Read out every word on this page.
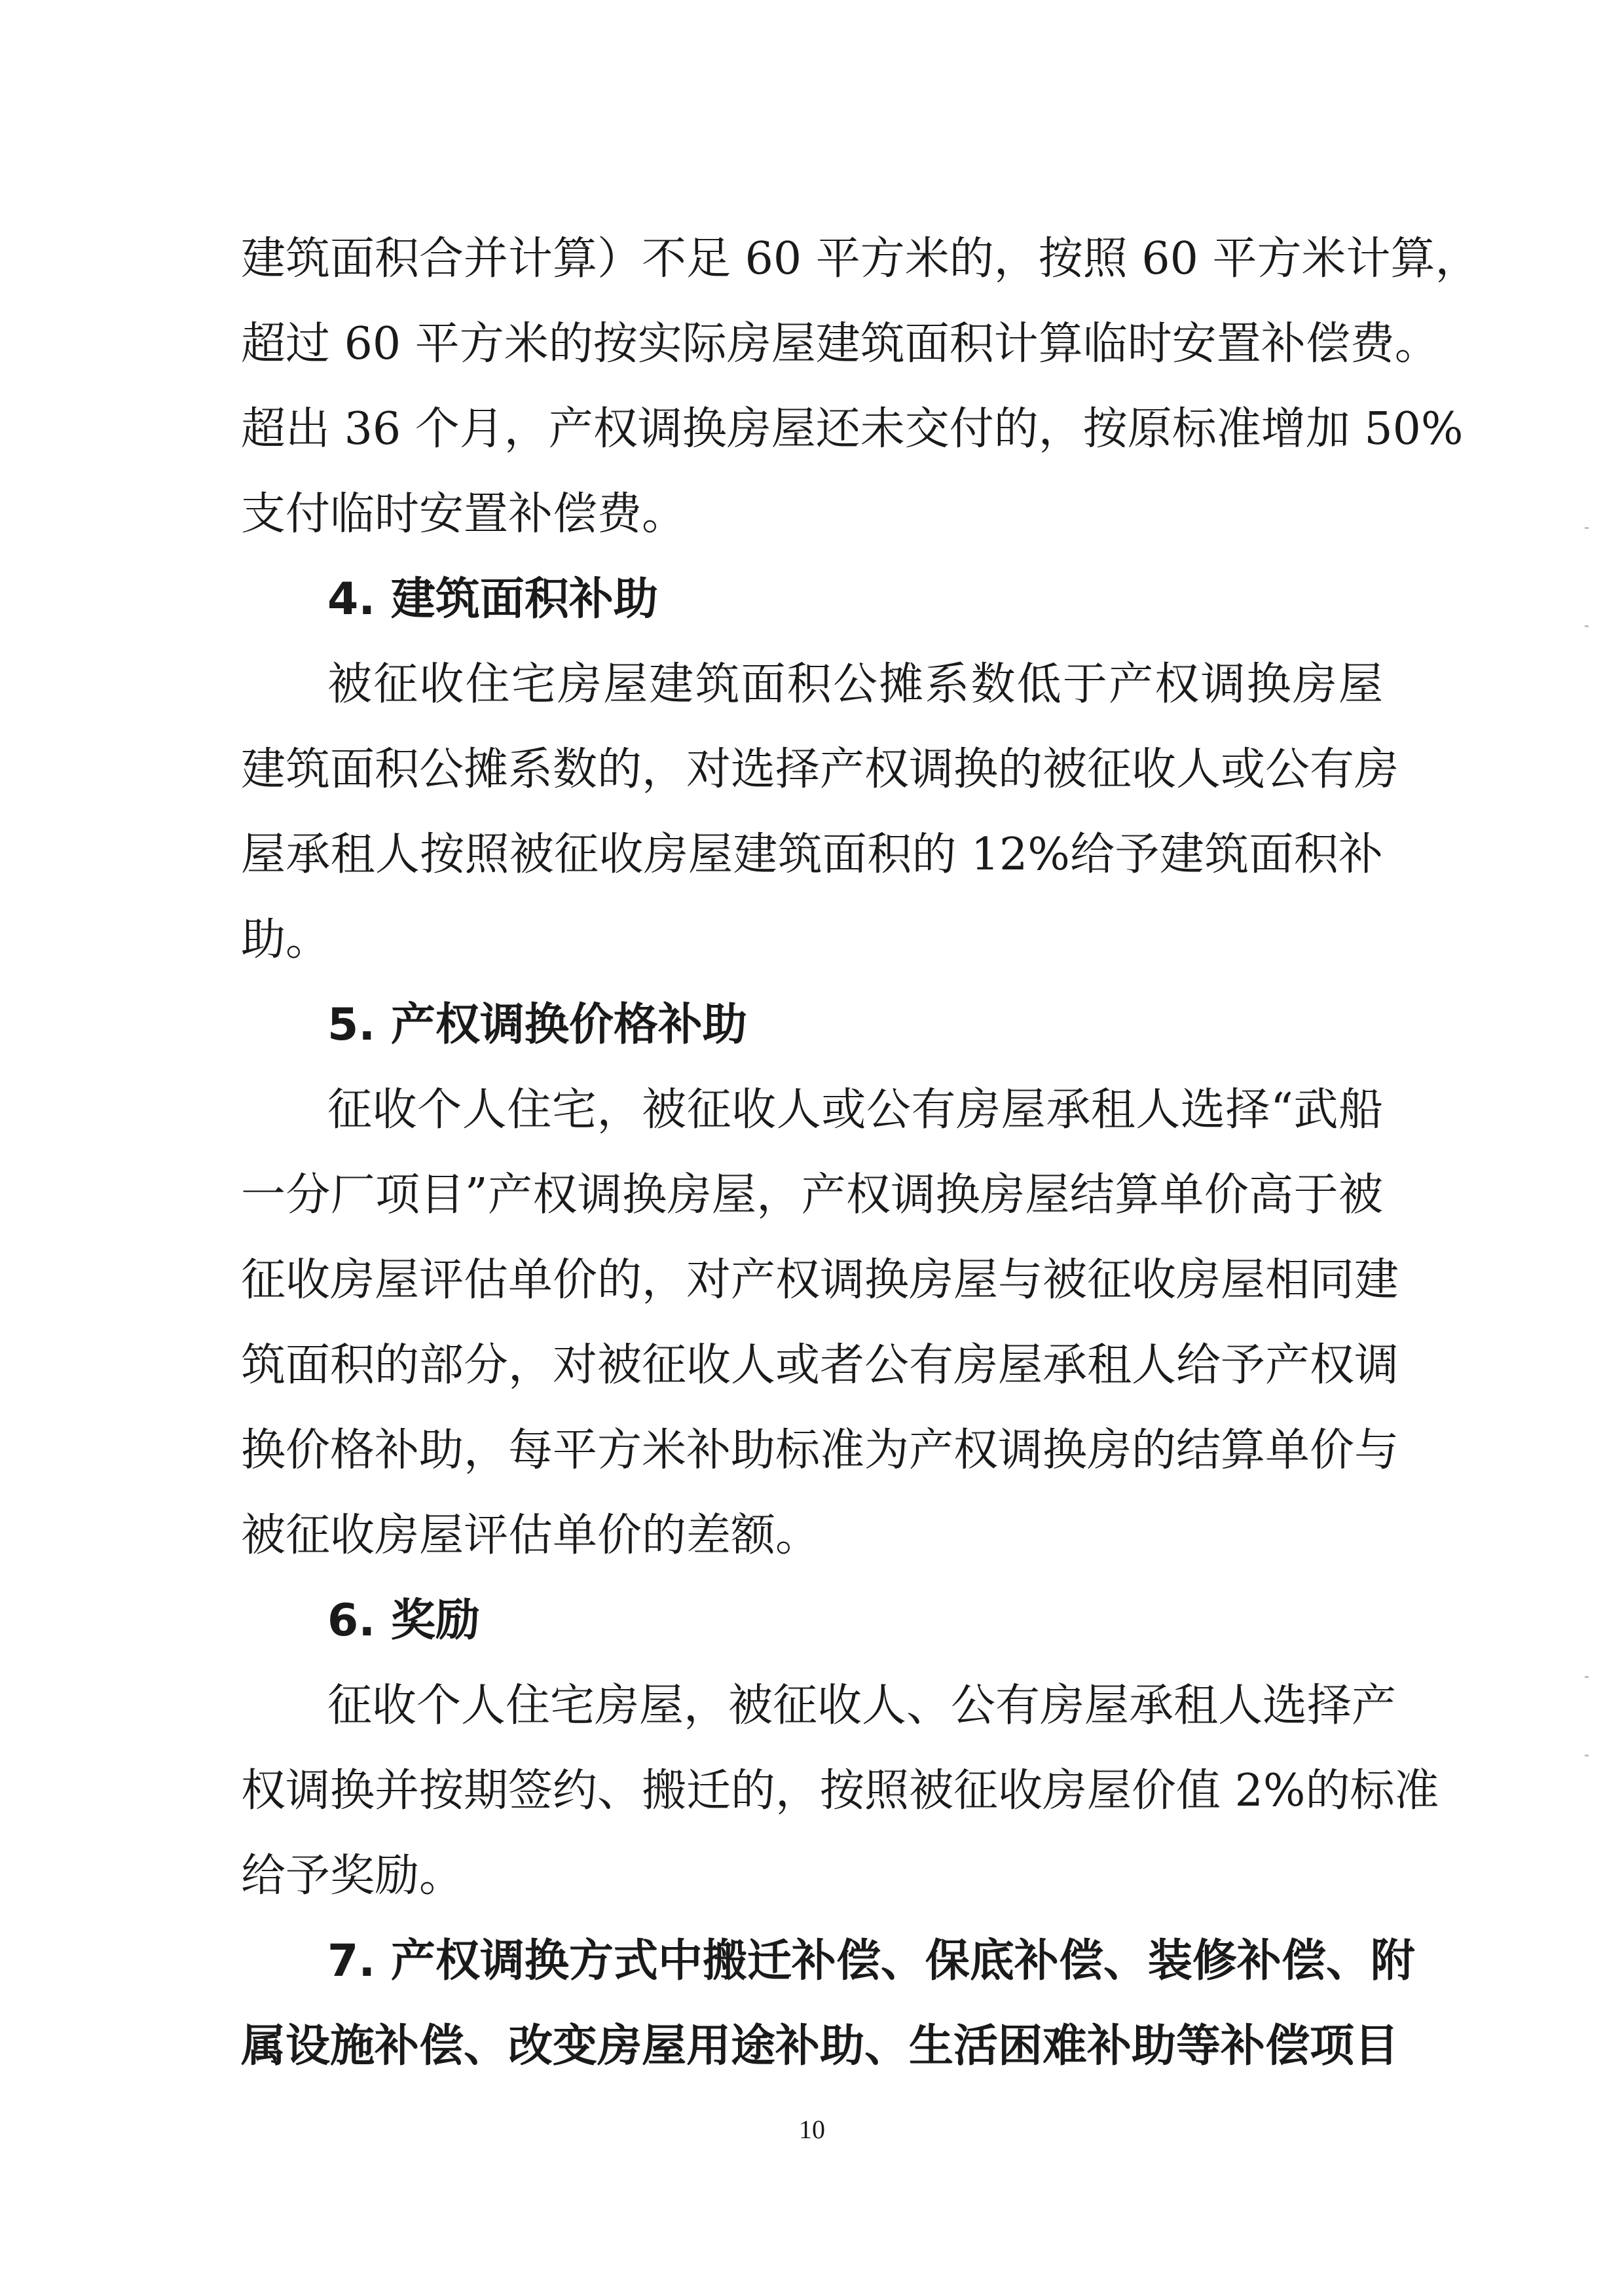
建筑面积合并计算）不足 60 平方米的，按照 60 平方米计算，
超过 60 平方米的按实际房屋建筑面积计算临时安置补偿费。
超出 36 个月，产权调换房屋还未交付的，按原标准增加 50%
支付临时安置补偿费。
4. 建筑面积补助
被征收住宅房屋建筑面积公摊系数低于产权调换房屋
建筑面积公摊系数的，对选择产权调换的被征收人或公有房
屋承租人按照被征收房屋建筑面积的 12%给予建筑面积补
助。
5. 产权调换价格补助
征收个人住宅，被征收人或公有房屋承租人选择“武船
一分厂项目”产权调换房屋，产权调换房屋结算单价高于被
征收房屋评估单价的，对产权调换房屋与被征收房屋相同建
筑面积的部分，对被征收人或者公有房屋承租人给予产权调
换价格补助，每平方米补助标准为产权调换房的结算单价与
被征收房屋评估单价的差额。
6. 奖励
征收个人住宅房屋，被征收人、公有房屋承租人选择产
权调换并按期签约、搬迁的，按照被征收房屋价值 2%的标准
给予奖励。
7. 产权调换方式中搬迁补偿、保底补偿、装修补偿、附
属设施补偿、改变房屋用途补助、生活困难补助等补偿项目
10
